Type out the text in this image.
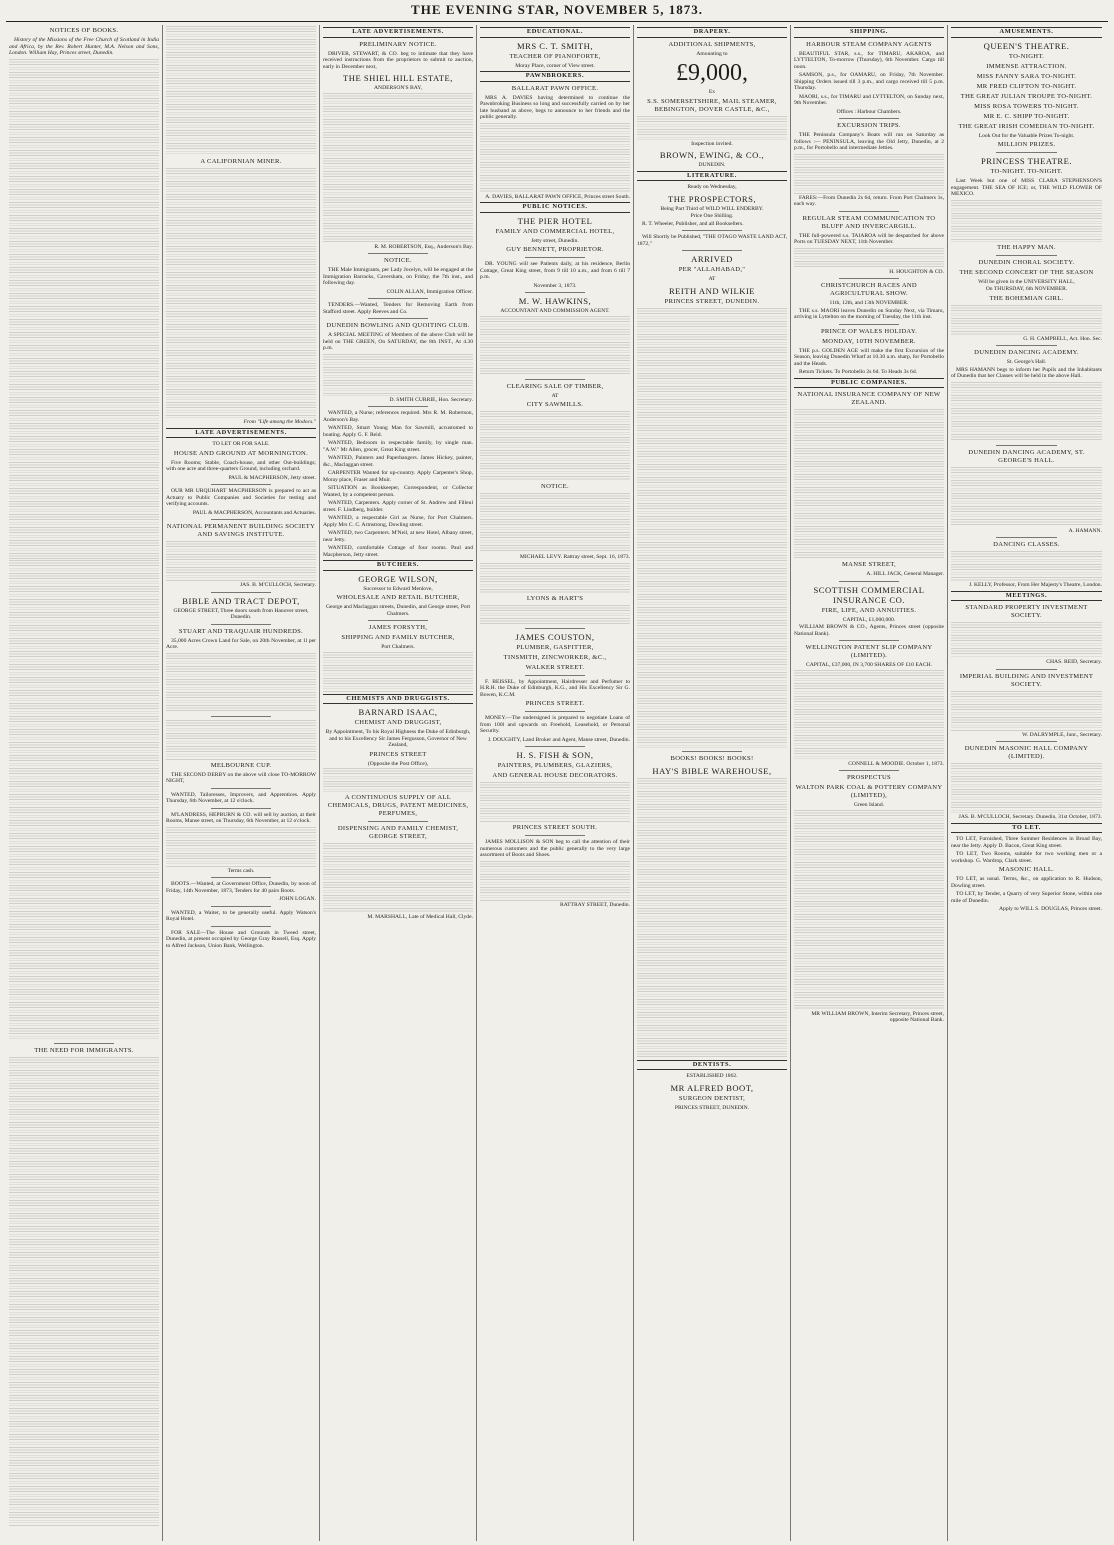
THE EVENING STAR, NOVEMBER 5, 1873.
NOTICES OF BOOKS.
History of the Missions of the Free Church of Scotland in India and Africa, by the Rev. Robert Hunter, M.A. Nelson and Sons, London. William Hay, Princes street, Dunedin.
THE NEED FOR IMMIGRANTS.
A CALIFORNIAN MINER.
From "Life among the Modocs."
LATE ADVERTISEMENTS.
TO LET OR FOR SALE.
HOUSE AND GROUND AT MORNINGTON.
Five Rooms; Stable, Coach-house, and other Out-buildings; with one acre and three-quarters Ground, including orchard.
PAUL & MACPHERSON, Jetty street.
OUR MR URQUHART MACPHERSON is prepared to act as Actuary to Public Companies and Societies for testing and verifying accounts.
PAUL & MACPHERSON, Accountants and Actuaries.
NATIONAL PERMANENT BUILDING SOCIETY AND SAVINGS INSTITUTE.
JAS. B. M'CULLOCH, Secretary.
BIBLE AND TRACT DEPOT,
GEORGE STREET, Three doors south from Hanover street, Dunedin.
STUART AND TRAQUAIR HUNDREDS.
35,000 Acres Crown Land for Sale, on 20th November, at 1l per Acre.
MELBOURNE CUP.
THE SECOND DERBY on the above will close TO-MORROW NIGHT,
WANTED, Tailoresses, Improvers, and Apprentices. Apply Thursday, 6th November, at 12 o'clock.
M'LANDRESS, HEPBURN & CO. will sell by auction, at their Rooms, Manse street, on Thursday, 6th November, at 12 o'clock.
Terms cash.
BOOTS.—Wanted, at Government Office, Dunedin, by noon of Friday, 14th November, 1873, Tenders for 40 pairs Boots.
JOHN LOGAN.
WANTED, a Waiter, to be generally useful. Apply Watson's Royal Hotel.
FOR SALE—The House and Grounds in Tweed street, Dunedin, at present occupied by George Gray Russell, Esq. Apply to Alfred Jackson, Union Bank, Wellington.
LATE ADVERTISEMENTS.
PRELIMINARY NOTICE.
DRIVER, STEWART, & CO. beg to intimate that they have received instructions from the proprietors to submit to auction, early in December next,
THE SHIEL HILL ESTATE,
ANDERSON'S BAY,
R. M. ROBERTSON, Esq., Anderson's Bay.
NOTICE.
THE Male Immigrants, per Lady Jocelyn, will be engaged at the Immigration Barracks, Caversham, on Friday, the 7th inst., and following day.
COLIN ALLAN, Immigration Officer.
TENDERS.—Wanted, Tenders for Removing Earth from Stafford street. Apply Reeves and Co.
DUNEDIN BOWLING AND QUOITING CLUB.
A SPECIAL MEETING of Members of the above Club will be held on THE GREEN, On SATURDAY, the 8th INST., At 4.30 p.m.
D. SMITH CURRIE, Hon. Secretary.
WANTED, a Nurse; references required. Mrs R. M. Robertson, Anderson's Bay.
WANTED, Smart Young Man for Sawmill, accustomed to boating. Apply G. F. Reid.
WANTED, Bedroom in respectable family, by single man. "A.W." Mr Allen, grocer, Great King street.
WANTED, Painters and Paperhangers. James Hickey, painter, &c., Maclaggan street.
CARPENTER Wanted for up-country. Apply Carpenter's Shop, Moray place, Fraser and Muir.
SITUATION as Bookkeeper, Correspondent, or Collector Wanted, by a competent person.
WANTED, Carpenters. Apply corner of St. Andrew and Filleul street. F. Lindberg, builder.
WANTED, a respectable Girl as Nurse, for Port Chalmers. Apply Mrs C. C. Armstrong, Dowling street.
WANTED, two Carpenters. M'Neil, at new Hotel, Albany street, near Jetty.
WANTED, comfortable Cottage of four rooms. Paul and Macpherson, Jetty street.
BUTCHERS.
GEORGE WILSON,
Successor to Edward Menlove,
WHOLESALE AND RETAIL BUTCHER,
George and Maclaggan streets, Dunedin, and George street, Port Chalmers.
JAMES FORSYTH,
SHIPPING AND FAMILY BUTCHER,
Port Chalmers.
CHEMISTS AND DRUGGISTS.
BARNARD ISAAC,
CHEMIST AND DRUGGIST,
By Appointment, To his Royal Highness the Duke of Edinburgh, and to his Excellency Sir James Fergusson, Governor of New Zealand,
PRINCES STREET
(Opposite the Post Office),
A CONTINUOUS SUPPLY OF ALL CHEMICALS, DRUGS, PATENT MEDICINES, PERFUMES,
DISPENSING AND FAMILY CHEMIST, GEORGE STREET,
M. MARSHALL, Late of Medical Hall, Clyde.
EDUCATIONAL.
MRS C. T. SMITH,
TEACHER OF PIANOFORTE,
Moray Place, corner of View street.
PAWNBROKERS.
BALLARAT PAWN OFFICE.
MRS A. DAVIES having determined to continue the Pawnbroking Business so long and successfully carried on by her late husband as above, begs to announce to her friends and the public generally.
A. DAVIES, BALLARAT PAWN OFFICE, Princes street South.
PUBLIC NOTICES.
THE PIER HOTEL
FAMILY AND COMMERCIAL HOTEL,
Jetty street, Dunedin.
GUY BENNETT, PROPRIETOR.
DR. YOUNG will see Patients daily, at his residence, Berlin Cottage, Great King street, from 9 till 10 a.m., and from 6 till 7 p.m.
November 3, 1873.
M. W. HAWKINS,
ACCOUNTANT AND COMMISSION AGENT.
CLEARING SALE OF TIMBER,
AT
CITY SAWMILLS.
NOTICE.
MICHAEL LEVY. Rattray street, Sept. 16, 1873.
LYONS & HART'S
JAMES COUSTON,
PLUMBER, GASFITTER,
TINSMITH, ZINCWORKER, &C.,
WALKER STREET.
F. BEISSEL, by Appointment, Hairdresser and Perfumer to H.R.H. the Duke of Edinburgh, K.G., and His Excellency Sir G. Bowen, K.C.M.
PRINCES STREET.
MONEY.—The undersigned is prepared to negotiate Loans of from 100l and upwards on Freehold, Leasehold, or Personal Security.
J. DOUGHTY, Land Broker and Agent, Manse street, Dunedin.
H. S. FISH & SON,
PAINTERS, PLUMBERS, GLAZIERS,
AND GENERAL HOUSE DECORATORS.
PRINCES STREET SOUTH.
JAMES MOLLISON & SON beg to call the attention of their numerous customers and the public generally to the very large assortment of Boots and Shoes.
RATTRAY STREET, Dunedin.
DRAPERY.
ADDITIONAL SHIPMENTS,
Amounting to
£9,000,
Ex
S.S. SOMERSETSHIRE, MAIL STEAMER, BEBINGTON, DOVER CASTLE, &C.,
Inspection invited.
BROWN, EWING, & CO.,
DUNEDIN.
LITERATURE.
Ready on Wednesday,
THE PROSPECTORS,
Being Part Third of WILD WILL ENDERBY.
Price One Shilling.
R. T. Wheeler, Publisher, and all Booksellers.
Will Shortly be Published, "THE OTAGO WASTE LAND ACT, 1872,"
ARRIVED
PER "ALLAHABAD,"
AT
REITH AND WILKIE
PRINCES STREET, DUNEDIN.
BOOKS! BOOKS! BOOKS!
HAY'S BIBLE WAREHOUSE,
DENTISTS.
ESTABLISHED 1862.
MR ALFRED BOOT,
SURGEON DENTIST,
PRINCES STREET, DUNEDIN.
SHIPPING.
HARBOUR STEAM COMPANY AGENTS
BEAUTIFUL STAR, s.s., for TIMARU, AKAROA, and LYTTELTON, To-morrow (Thursday), 6th November. Cargo till noon.
SAMSON, p.s., for OAMARU, on Friday, 7th November. Shipping Orders issued till 3 p.m., and cargo received till 5 p.m. Thursday.
MAORI, s.s., for TIMARU and LYTTELTON, on Sunday next, 9th November.
Offices : Harbour Chambers.
EXCURSION TRIPS.
THE Peninsula Company's Boats will run on Saturday as follows :— PENINSULA, leaving the Old Jetty, Dunedin, at 2 p.m., for Portobello and intermediate Jetties.
FARES:—From Dunedin 2s 6d, return. From Port Chalmers 1s, each way.
REGULAR STEAM COMMUNICATION TO BLUFF AND INVERCARGILL.
THE full-powered s.s. TAIAROA will be despatched for above Ports on TUESDAY NEXT, 11th November.
H. HOUGHTON & CO.
CHRISTCHURCH RACES AND AGRICULTURAL SHOW.
11th, 12th, and 13th NOVEMBER.
THE s.s. MAORI leaves Dunedin on Sunday Next, via Timaru, arriving in Lyttelton on the morning of Tuesday, the 11th inst.
PRINCE OF WALES HOLIDAY.
MONDAY, 10TH NOVEMBER.
THE p.s. GOLDEN AGE will make the first Excursion of the Season, leaving Dunedin Wharf at 10.30 a.m. sharp, for Portobello and the Heads.
Return Tickets. To Portobello 2s 6d. To Heads 3s 6d.
PUBLIC COMPANIES.
NATIONAL INSURANCE COMPANY OF NEW ZEALAND.
MANSE STREET,
A. HILL JACK, General Manager.
SCOTTISH COMMERCIAL INSURANCE CO.
FIRE, LIFE, AND ANNUITIES.
CAPITAL, £1,000,000.
WILLIAM BROWN & CO., Agents, Princes street (opposite National Bank).
WELLINGTON PATENT SLIP COMPANY (LIMITED).
CAPITAL, £37,000, IN 3,700 SHARES OF £10 EACH.
CONNELL & MOODIE. October 1, 1873.
PROSPECTUS
WALTON PARK COAL & POTTERY COMPANY (LIMITED),
Green Island.
MR WILLIAM BROWN, Interim Secretary, Princes street, opposite National Bank.
AMUSEMENTS.
QUEEN'S THEATRE.
TO-NIGHT.
IMMENSE ATTRACTION.
MISS FANNY SARA TO-NIGHT.
MR FRED CLIFTON TO-NIGHT.
THE GREAT JULIAN TROUPE TO-NIGHT.
MISS ROSA TOWERS TO-NIGHT.
MR E. C. SHIPP TO-NIGHT.
THE GREAT IRISH COMEDIAN TO-NIGHT.
Look Out for the Valuable Prizes To-night.
MILLION PRIZES.
PRINCESS THEATRE.
TO-NIGHT. TO-NIGHT.
Last Week but one of MISS CLARA STEPHENSON'S engagement. THE SEA OF ICE; or, THE WILD FLOWER OF MEXICO.
THE HAPPY MAN.
DUNEDIN CHORAL SOCIETY.
THE SECOND CONCERT OF THE SEASON
Will be given in the UNIVERSITY HALL,
On THURSDAY, 6th NOVEMBER.
THE BOHEMIAN GIRL.
G. H. CAMPBELL, Act. Hon. Sec.
DUNEDIN DANCING ACADEMY.
St. George's Hall.
MRS HAMANN begs to inform her Pupils and the Inhabitants of Dunedin that her Classes will be held in the above Hall.
DUNEDIN DANCING ACADEMY, ST. GEORGE'S HALL.
A. HAMANN.
DANCING CLASSES.
J. KELLY, Professor, From Her Majesty's Theatre, London.
MEETINGS.
STANDARD PROPERTY INVESTMENT SOCIETY.
CHAS. REID, Secretary.
IMPERIAL BUILDING AND INVESTMENT SOCIETY.
W. DALRYMPLE, Junr., Secretary.
DUNEDIN MASONIC HALL COMPANY (LIMITED).
JAS. B. M'CULLOCH, Secretary. Dunedin, 31st October, 1873.
TO LET.
TO LET, Furnished, Three Summer Residences in Broad Bay, near the Jetty. Apply D. Bacon, Great King street.
TO LET, Two Rooms, suitable for two working men or a workshop. G. Wardrop, Clark street.
MASONIC HALL.
TO LET, as usual. Terms, &c., on application to R. Hudson, Dowling street.
TO LET, by Tender, a Quarry of very Superior Stone, within one mile of Dunedin.
Apply to WILL S. DOUGLAS, Princes street.
